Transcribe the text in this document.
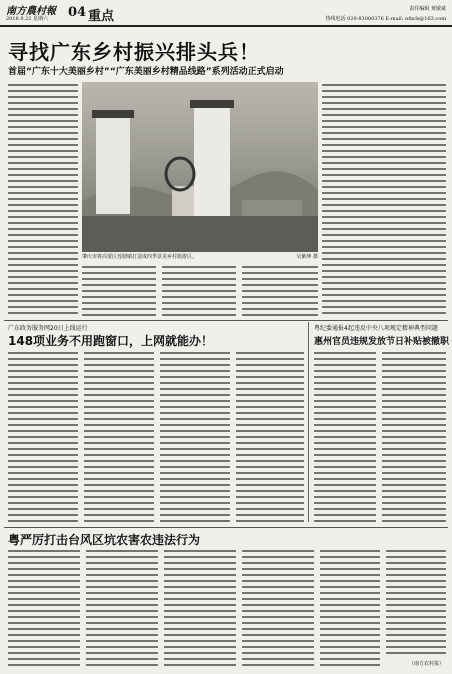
南方農村報
2018.9.22 星期六 04 重点	责任编辑 黄敏斌
热线电话 020-83000376 E-mail: nfncb@163.com
寻找广东乡村振兴排头兵！
首届“广东十大美丽乡村”“广东美丽乡村精品线路”系列活动正式启动
肇庆市将高要区莲塘镇打造成四季景美乡村旅游区。	吴紫坤 摄
广东政务服务网20日上线运行
148项业务不用跑窗口，上网就能办！
粤纪委通报4起违反中央八项规定精神典型问题
惠州官员违规发放节日补贴被撤职
粤严厉打击台风区坑农害农违法行为
（南方农村报）
